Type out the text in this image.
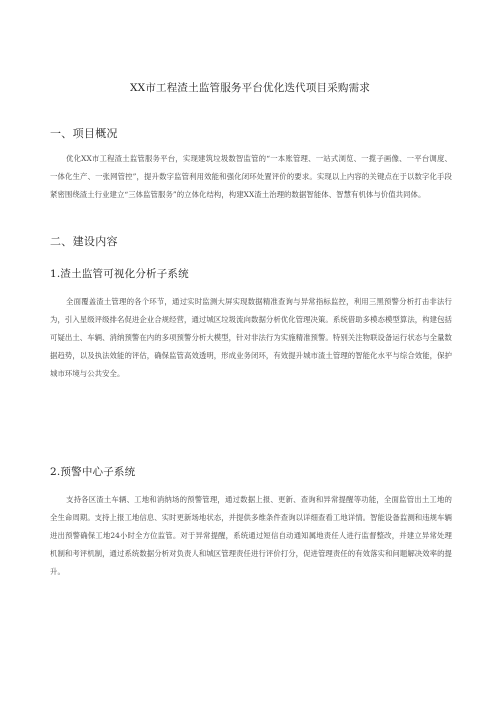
XX市工程渣土监管服务平台优化迭代项目采购需求
一、项目概况

优化XX市工程渣土监管服务平台，实现建筑垃圾数智监管的“一本账管理、一站式浏览、一揽子画像、一平台调度、一体化生产、一张网管控”，提升数字监管利用效能和强化闭环处置评价的要求。实现以上内容的关键点在于以数字化手段紧密围绕渣土行业建立“三体监管服务”的立体化结构，构建XX渣土治理的数据智能体、智慧有机体与价值共同体。

二、建设内容
1.渣土监管可视化分析子系统

全面覆盖渣土管理的各个环节，通过实时监测大屏实现数据精准查询与异常指标监控，利用三黑预警分析打击非法行为，引入星级评级排名促进企业合规经营，通过城区垃圾流向数据分析优化管理决策。系统借助多模态模型算法，构建包括可疑出土、车辆、消纳预警在内的多项预警分析大模型，针对非法行为实施精准预警。特别关注物联设备运行状态与全量数据趋势，以及执法效能的评估，确保监管高效透明，形成业务闭环，有效提升城市渣土管理的智能化水平与综合效能，保护城市环境与公共安全。

2.预警中心子系统

支持各区渣土车辆、工地和消纳场的预警管理，通过数据上报、更新、查询和异常提醒等功能，全面监管出土工地的全生命周期。支持上报工地信息、实时更新场地状态，并提供多维条件查询以详细查看工地详情。智能设备监测和违规车辆进出预警确保工地24小时全方位监管。对于异常提醒，系统通过短信自动通知属地责任人进行监督整改，并建立异常处理机制和考评机制，通过系统数据分析对负责人和城区管理责任进行评价打分，促进管理责任的有效落实和问题解决效率的提升。
